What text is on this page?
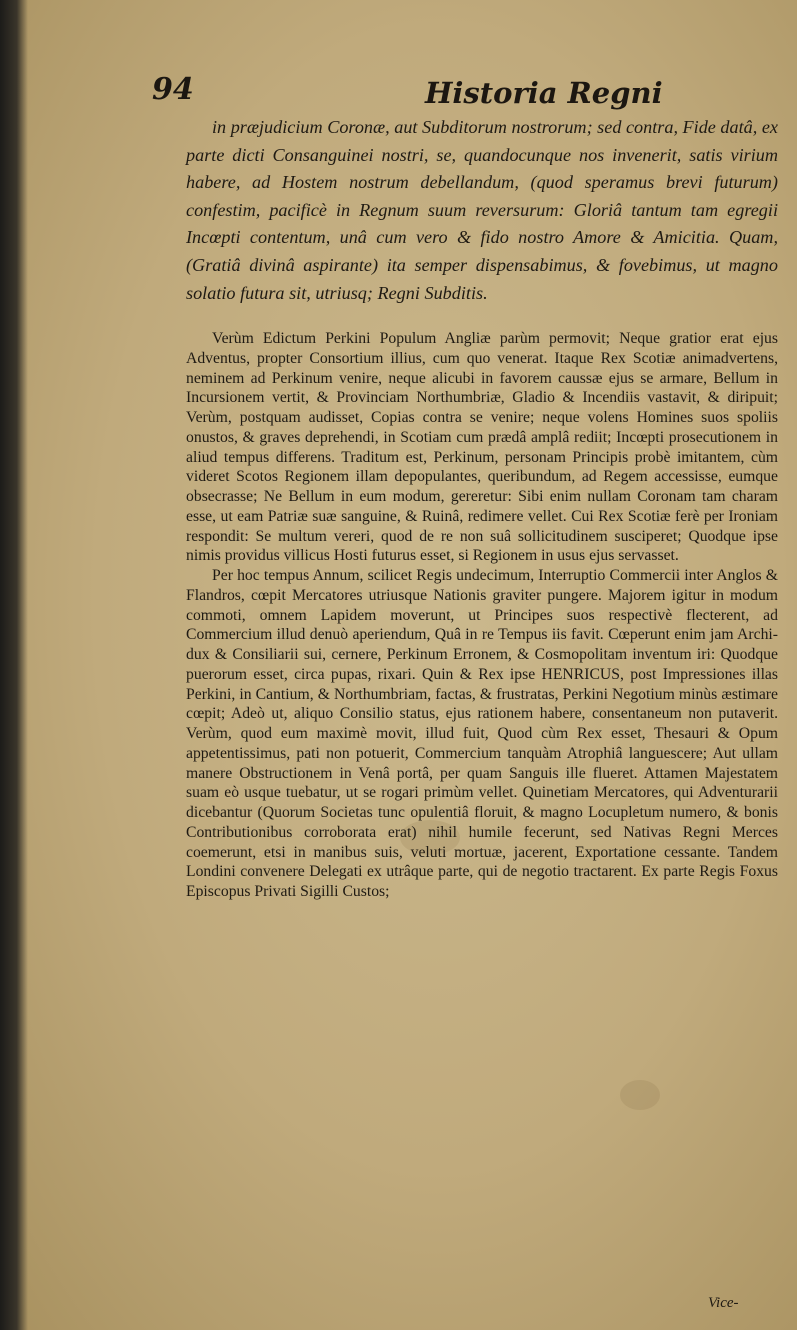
94	Historia Regni

in præjudicium Coronæ, aut Subditorum nostrorum; sed contra, Fide datâ, ex parte dicti Consanguinei nostri, se, quandocunque nos invenerit, satis virium habere, ad Hostem nostrum debellandum, (quod speramus brevi futurum) confestim, pacificè in Regnum suum reversurum: Gloriâ tantum tam egregii Incœpti contentum, unâ cum vero & fido nostro Amore & Amicitia. Quam, (Gratiâ divinâ aspirante) ita semper dispensabimus, & fovebimus, ut magno solatio futura sit, utriusq; Regni Subditis.

Verùm Edictum Perkini Populum Angliæ parùm permovit; Neque gratior erat ejus Adventus, propter Consortium illius, cum quo venerat. Itaque Rex Scotiæ animadvertens, neminem ad Perkinum venire, neque alicubi in favorem caussæ ejus se armare, Bellum in Incursionem vertit, & Provinciam Northumbriæ, Gladio & Incendiis vastavit, & diripuit; Verùm, postquam audisset, Copias contra se venire; neque volens Homines suos spoliis onustos, & graves deprehendi, in Scotiam cum prædâ amplâ rediit; Incœpti prosecutionem in aliud tempus differens. Traditum est, Perkinum, personam Principis probè imitantem, cùm videret Scotos Regionem illam depopulantes, queribundum, ad Regem accessisse, eumque obsecrasse; Ne Bellum in eum modum, gereretur: Sibi enim nullam Coronam tam charam esse, ut eam Patriæ suæ sanguine, & Ruinâ, redimere vellet. Cui Rex Scotiæ ferè per Ironiam respondit: Se multum vereri, quod de re non suâ sollicitudinem susciperet; Quodque ipse nimis providus villicus Hosti futurus esset, si Regionem in usus ejus servasset.

Per hoc tempus Annum, scilicet Regis undecimum, Interruptio Commercii inter Anglos & Flandros, cœpit Mercatores utriusque Nationis graviter pungere. Majorem igitur in modum commoti, omnem Lapidem moverunt, ut Principes suos respectivè flecterent, ad Commercium illud denuò aperiendum, Quâ in re Tempus iis favit. Cœperunt enim jam Archi-dux & Consiliarii sui, cernere, Perkinum Erronem, & Cosmopolitam inventum iri: Quodque puerorum esset, circa pupas, rixari. Quin & Rex ipse HENRICUS, post Impressiones illas Perkini, in Cantium, & Northumbriam, factas, & frustratas, Perkini Negotium minùs æstimare cœpit; Adeò ut, aliquo Consilio status, ejus rationem habere, consentaneum non putaverit. Verùm, quod eum maximè movit, illud fuit, Quod cùm Rex esset, Thesauri & Opum appetentissimus, pati non potuerit, Commercium tanquàm Atrophiâ languescere; Aut ullam manere Obstructionem in Venâ portâ, per quam Sanguis ille flueret. Attamen Majestatem suam eò usque tuebatur, ut se rogari primùm vellet. Quinetiam Mercatores, qui Adventurarii dicebantur (Quorum Societas tunc opulentiâ floruit, & magno Locupletum numero, & bonis Contributionibus corroborata erat) nihil humile fecerunt, sed Nativas Regni Merces coemerunt, etsi in manibus suis, veluti mortuæ, jacerent, Exportatione cessante. Tandem Londini convenere Delegati ex utrâque parte, qui de negotio tractarent. Ex parte Regis Foxus Episcopus Privati Sigilli Custos;

Vice-
